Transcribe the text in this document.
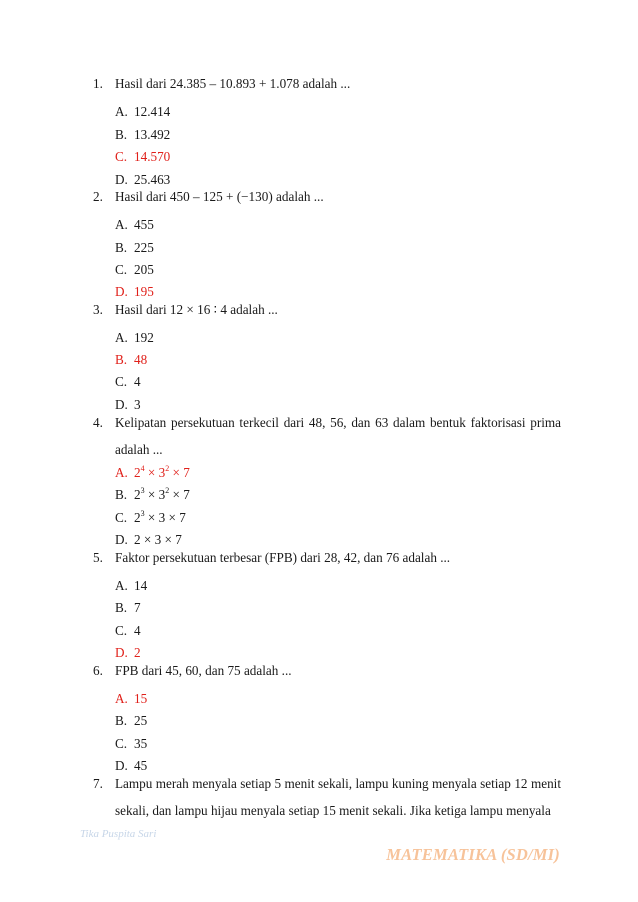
1. Hasil dari 24.385 – 10.893 + 1.078 adalah ...
A. 12.414
B. 13.492
C. 14.570
D. 25.463
2. Hasil dari 450 – 125 + (−130) adalah ...
A. 455
B. 225
C. 205
D. 195
3. Hasil dari 12 × 16 ∶ 4 adalah ...
A. 192
B. 48
C. 4
D. 3
4. Kelipatan persekutuan terkecil dari 48, 56, dan 63 dalam bentuk faktorisasi prima adalah ...
A. $2^4 \times 3^2 \times 7$
B. $2^3 \times 3^2 \times 7$
C. $2^3 \times 3 \times 7$
D. 2 × 3 × 7
5. Faktor persekutuan terbesar (FPB) dari 28, 42, dan 76 adalah ...
A. 14
B. 7
C. 4
D. 2
6. FPB dari 45, 60, dan 75 adalah ...
A. 15
B. 25
C. 35
D. 45
7. Lampu merah menyala setiap 5 menit sekali, lampu kuning menyala setiap 12 menit sekali, dan lampu hijau menyala setiap 15 menit sekali. Jika ketiga lampu menyala
Tika Puspita Sari
MATEMATIKA (SD/MI)
